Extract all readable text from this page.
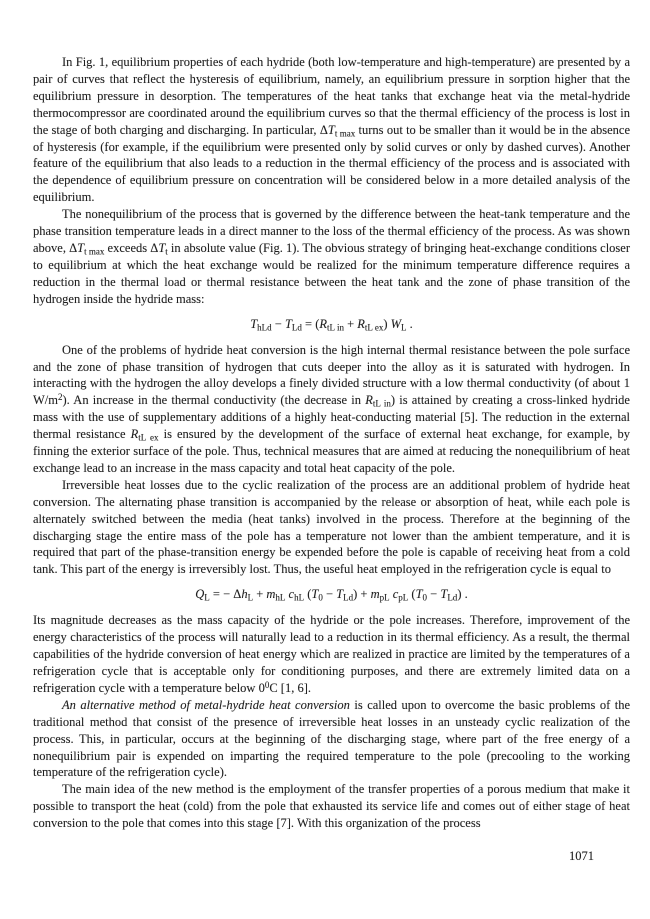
In Fig. 1, equilibrium properties of each hydride (both low-temperature and high-temperature) are presented by a pair of curves that reflect the hysteresis of equilibrium, namely, an equilibrium pressure in sorption higher that the equilibrium pressure in desorption. The temperatures of the heat tanks that exchange heat via the metal-hydride thermocompressor are coordinated around the equilibrium curves so that the thermal efficiency of the process is lost in the stage of both charging and discharging. In particular, $\Delta T_{t max}$ turns out to be smaller than it would be in the absence of hysteresis (for example, if the equilibrium were presented only by solid curves or only by dashed curves). Another feature of the equilibrium that also leads to a reduction in the thermal efficiency of the process and is associated with the dependence of equilibrium pressure on concentration will be considered below in a more detailed analysis of the equilibrium.

The nonequilibrium of the process that is governed by the difference between the heat-tank temperature and the phase transition temperature leads in a direct manner to the loss of the thermal efficiency of the process. As was shown above, $\Delta T_{t max}$ exceeds $\Delta T_t$ in absolute value (Fig. 1). The obvious strategy of bringing heat-exchange conditions closer to equilibrium at which the heat exchange would be realized for the minimum temperature difference requires a reduction in the thermal load or thermal resistance between the heat tank and the zone of phase transition of the hydrogen inside the hydride mass:

$T_{hLd} - T_{Ld} = (R_{tL in} + R_{tL ex})$ $W_L$ .

One of the problems of hydride heat conversion is the high internal thermal resistance between the pole surface and the zone of phase transition of hydrogen that cuts deeper into the alloy as it is saturated with hydrogen. In interacting with the hydrogen the alloy develops a finely divided structure with a low thermal conductivity (of about 1 $W/m^2$). An increase in the thermal conductivity (the decrease in $R_{tL in}$) is attained by creating a cross-linked hydride mass with the use of supplementary additions of a highly heat-conducting material [5]. The reduction in the external thermal resistance $R_{tL ex}$ is ensured by the development of the surface of external heat exchange, for example, by finning the exterior surface of the pole. Thus, technical measures that are aimed at reducing the nonequilibrium of heat exchange lead to an increase in the mass capacity and total heat capacity of the pole.

Irreversible heat losses due to the cyclic realization of the process are an additional problem of hydride heat conversion. The alternating phase transition is accompanied by the release or absorption of heat, while each pole is alternately switched between the media (heat tanks) involved in the process. Therefore at the beginning of the discharging stage the entire mass of the pole has a temperature not lower than the ambient temperature, and it is required that part of the phase-transition energy be expended before the pole is capable of receiving heat from a cold tank. This part of the energy is irreversibly lost. Thus, the useful heat employed in the refrigeration cycle is equal to

$Q_L$ = − $\Delta h_L + m_{hL}$ $c_{hL}$ $(T_0 - T_{Ld}) + m_{pL}$ $c_{pL}$ $(T_0 - T_{Ld})$ .

Its magnitude decreases as the mass capacity of the hydride or the pole increases. Therefore, improvement of the energy characteristics of the process will naturally lead to a reduction in its thermal efficiency. As a result, the thermal capabilities of the hydride conversion of heat energy which are realized in practice are limited by the temperatures of a refrigeration cycle that is acceptable only for conditioning purposes, and there are extremely limited data on a refrigeration cycle with a temperature below $0^0C$ [1, 6].

An alternative method of metal-hydride heat conversion is called upon to overcome the basic problems of the traditional method that consist of the presence of irreversible heat losses in an unsteady cyclic realization of the process. This, in particular, occurs at the beginning of the discharging stage, where part of the free energy of a nonequilibrium pair is expended on imparting the required temperature to the pole (precooling to the working temperature of the refrigeration cycle).

The main idea of the new method is the employment of the transfer properties of a porous medium that make it possible to transport the heat (cold) from the pole that exhausted its service life and comes out of either stage of heat conversion to the pole that comes into this stage [7]. With this organization of the process

1071
